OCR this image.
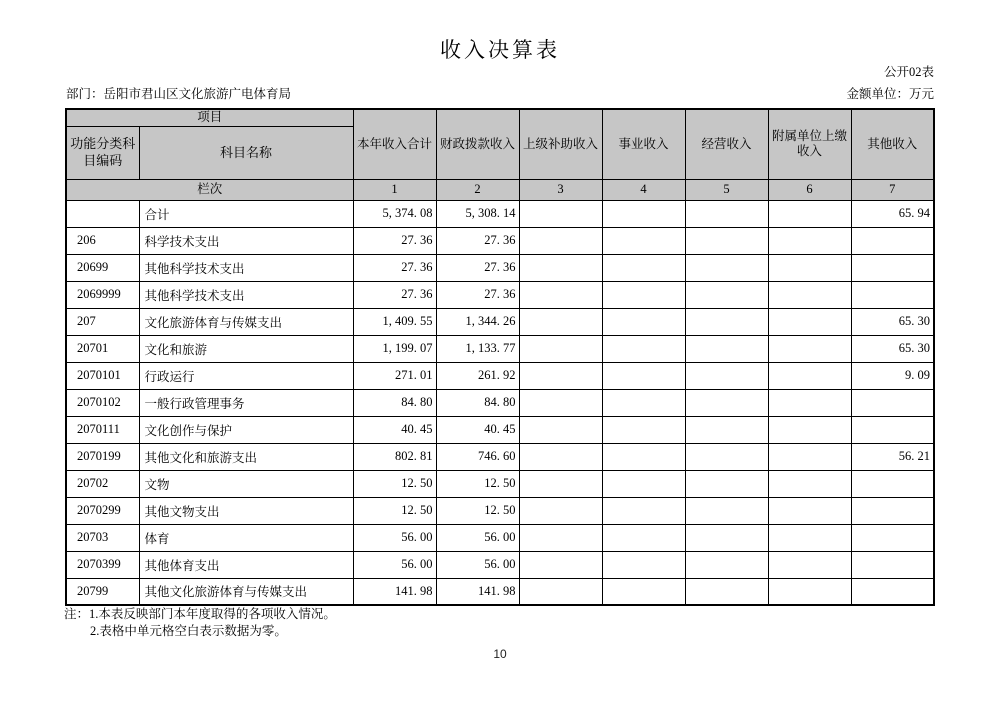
收入决算表
公开02表
部门：岳阳市君山区文化旅游广电体育局	金额单位：万元
项目		本年收入合计	财政拨款收入	上级补助收入	事业收入	经营收入	附属单位上缴收入	其他收入
功能分类科目编码	科目名称							
栏次		1	2	3	4	5	6	7
	合计	5, 374. 08	5, 308. 14					65. 94
206	科学技术支出	27. 36	27. 36					
20699	其他科学技术支出	27. 36	27. 36					
2069999	其他科学技术支出	27. 36	27. 36					
207	文化旅游体育与传媒支出	1, 409. 55	1, 344. 26					65. 30
20701	文化和旅游	1, 199. 07	1, 133. 77					65. 30
2070101	行政运行	271. 01	261. 92					9. 09
2070102	一般行政管理事务	84. 80	84. 80					
2070111	文化创作与保护	40. 45	40. 45					
2070199	其他文化和旅游支出	802. 81	746. 60					56. 21
20702	文物	12. 50	12. 50					
2070299	其他文物支出	12. 50	12. 50					
20703	体育	56. 00	56. 00					
2070399	其他体育支出	56. 00	56. 00					
20799	其他文化旅游体育与传媒支出	141. 98	141. 98					
注：1.本表反映部门本年度取得的各项收入情况。
2.表格中单元格空白表示数据为零。
10
